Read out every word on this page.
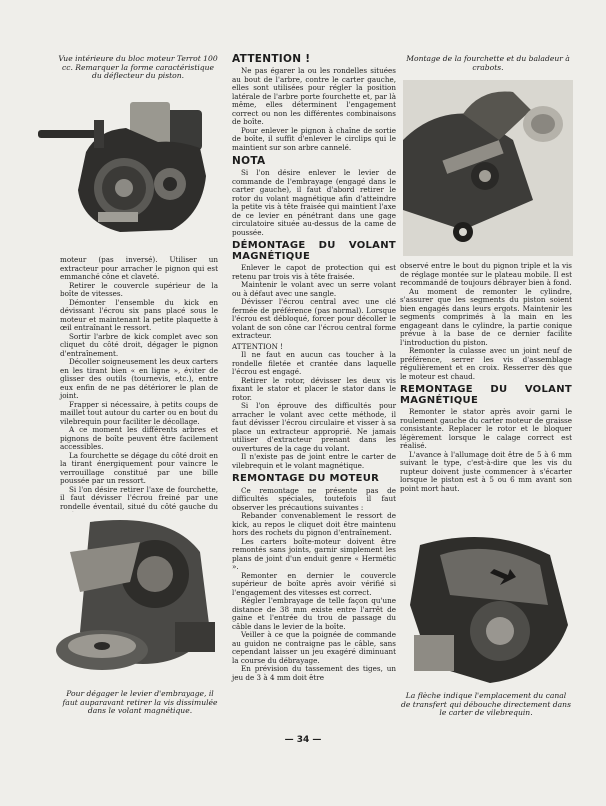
Vue intérieure du bloc moteur Terrot 100 cc. Remarquer la forme caractéristique du déflecteur du piston.

moteur (pas inversé). Utiliser un extracteur pour arracher le pignon qui est emmanché cône et claveté.

Retirer le couvercle supérieur de la boîte de vitesses.

Démonter l'ensemble du kick en dévissant l'écrou six pans placé sous le moteur et maintenant la petite plaquette à œil entraînant le ressort.

Sortir l'arbre de kick complet avec son cliquet du côté droit, dégager le pignon d'entraînement.

Décoller soigneusement les deux carters en les tirant bien « en ligne », éviter de glisser des outils (tournevis, etc.), entre eux enfin de ne pas détériorer le plan de joint.

Frapper si nécessaire, à petits coups de maillet tout autour du carter ou en bout du vilebrequin pour faciliter le décollage.

A ce moment les différents arbres et pignons de boîte peuvent être facilement accessibles.

La fourchette se dégage du côté droit en la tirant énergiquement pour vaincre le verrouillage constitué par une bille poussée par un ressort.

Si l'on désire retirer l'axe de fourchette, il faut dévisser l'écrou freiné par une rondelle éventail, situé du côté gauche du

Pour dégager le levier d'embrayage, il faut auparavant retirer la vis dissimulée dans le volant magnétique.

ATTENTION !

Ne pas égarer la ou les rondelles situées au bout de l'arbre, contre le carter gauche, elles sont utilisées pour régler la position latérale de l'arbre porte fourchette et, par là même, elles déterminent l'engagement correct ou non les différentes combinaisons de boîte.

Pour enlever le pignon à chaîne de sortie de boîte, il suffit d'enlever le circlips qui le maintient sur son arbre cannelé.

NOTA

Si l'on désire enlever le levier de commande de l'embrayage (engagé dans le carter gauche), il faut d'abord retirer le rotor du volant magnétique afin d'atteindre la petite vis à tête fraisée qui maintient l'axe de ce levier en pénétrant dans une gage circulatoire située au-dessus de la came de poussée.

DÉMONTAGE DU VOLANT MAGNÉTIQUE

Enlever le capot de protection qui est retenu par trois vis à tête fraisée.

Maintenir le volant avec un serre volant ou à défaut avec une sangle.

Dévisser l'écrou central avec une clé fermée de préférence (pas normal). Lorsque l'écrou est débloqué, forcer pour décoller le volant de son cône car l'écrou central forme extracteur.

ATTENTION !

Il ne faut en aucun cas toucher à la rondelle filetée et crantée dans laquelle l'écrou est engagé.

Retirer le rotor, dévisser les deux vis fixant le stator et placer le stator dans le rotor.

Si l'on éprouve des difficultés pour arracher le volant avec cette méthode, il faut dévisser l'écrou circulaire et visser à sa place un extracteur approprié. Ne jamais utiliser d'extracteur prenant dans les ouvertures de la cage du volant.

Il n'existe pas de joint entre le carter de vilebrequin et le volant magnétique.

REMONTAGE DU MOTEUR

Ce remontage ne présente pas de difficultés spéciales, toutefois il faut observer les précautions suivantes :

Rebander convenablement le ressort de kick, au repos le cliquet doit être maintenu hors des rochets du pignon d'entraînement.

Les carters boîte-moteur doivent être remontés sans joints, garnir simplement les plans de joint d'un enduit genre « Hermétic ».

Remonter en dernier le couvercle supérieur de boîte après avoir vérifié si l'engagement des vitesses est correct.

Régler l'embrayage de telle façon qu'une distance de 38 mm existe entre l'arrêt de gaine et l'entrée du trou de passage du câble dans le levier de la boîte.

Veiller à ce que la poignée de commande au guidon ne contraigne pas le câble, sans cependant laisser un jeu exagéré diminuant la course du débrayage.

En prévision du tassement des tiges, un jeu de 3 à 4 mm doit être

Montage de la fourchette et du baladeur à crabots.

observé entre le bout du pignon triple et la vis de réglage montée sur le plateau mobile. Il est recommandé de toujours débrayer bien à fond.

Au moment de remonter le cylindre, s'assurer que les segments du piston soient bien engagés dans leurs ergots. Maintenir les segments comprimés à la main en les engageant dans le cylindre, la partie conique prévue à la base de ce dernier facilite l'introduction du piston.

Remonter la culasse avec un joint neuf de préférence, serrer les vis d'assemblage régulièrement et en croix. Resserrer dès que le moteur est chaud.

REMONTAGE DU VOLANT MAGNÉTIQUE

Remonter le stator après avoir garni le roulement gauche du carter moteur de graisse consistante. Replacer le rotor et le bloquer légèrement lorsque le calage correct est réalisé.

L'avance à l'allumage doit être de 5 à 6 mm suivant le type, c'est-à-dire que les vis du rupteur doivent juste commencer à s'écarter lorsque le piston est à 5 ou 6 mm avant son point mort haut.

La flèche indique l'emplacement du canal de transfert qui débouche directement dans le carter de vilebrequin.

— 34 —
